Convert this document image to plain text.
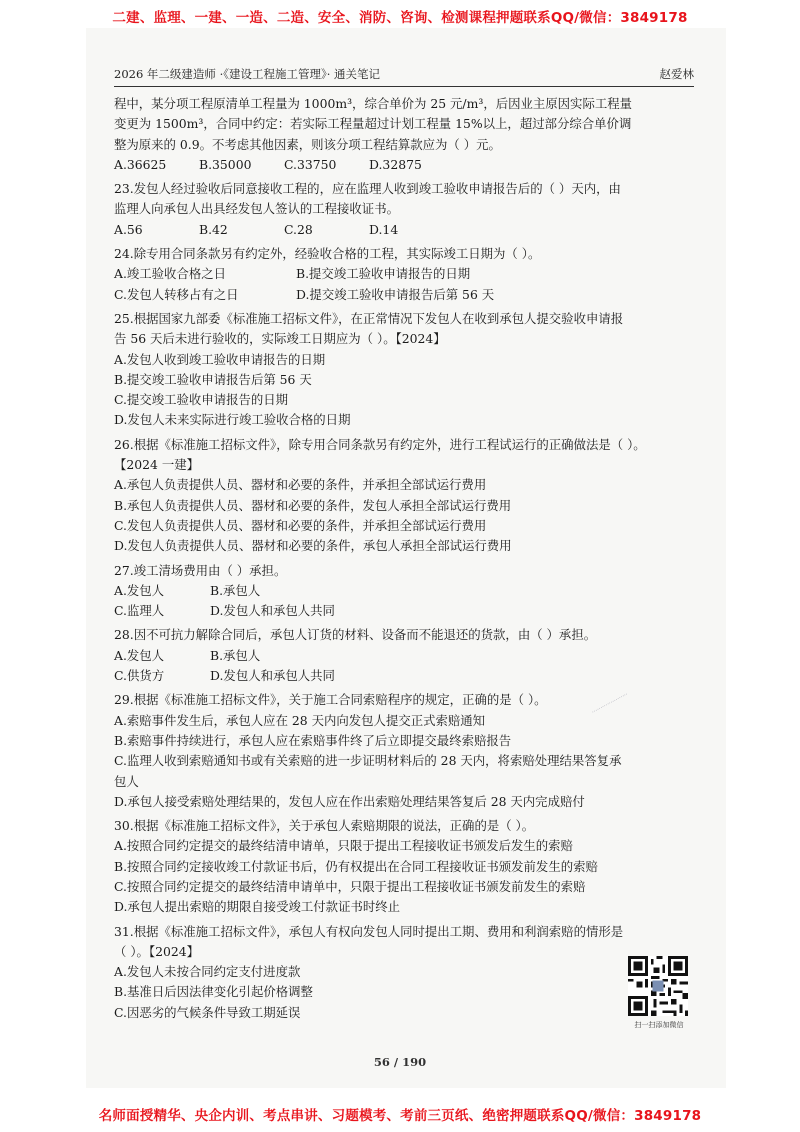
二建、监理、一建、一造、二造、安全、消防、咨询、检测课程押题联系QQ/微信：3849178
2026 年二级建造师 ·《建设工程施工管理》· 通关笔记	赵爱林

程中，某分项工程原清单工程量为 1000m³，综合单价为 25 元/m³，后因业主原因实际工程量

变更为 1500m³，合同中约定：若实际工程量超过计划工程量 15%以上，超过部分综合单价调

整为原来的 0.9。不考虑其他因素，则该分项工程结算款应为（ ）元。

A.36625	B.35000	C.33750	D.32875

23.发包人经过验收后同意接收工程的，应在监理人收到竣工验收申请报告后的（ ）天内，由

监理人向承包人出具经发包人签认的工程接收证书。

A.56	B.42	C.28	D.14

24.除专用合同条款另有约定外，经验收合格的工程，其实际竣工日期为（ ）。

A.竣工验收合格之日	B.提交竣工验收申请报告的日期

C.发包人转移占有之日	D.提交竣工验收申请报告后第 56 天

25.根据国家九部委《标准施工招标文件》，在正常情况下发包人在收到承包人提交验收申请报

告 56 天后未进行验收的，实际竣工日期应为（ ）。【2024】

A.发包人收到竣工验收申请报告的日期

B.提交竣工验收申请报告后第 56 天

C.提交竣工验收申请报告的日期

D.发包人未来实际进行竣工验收合格的日期

26.根据《标准施工招标文件》，除专用合同条款另有约定外，进行工程试运行的正确做法是（ ）。

【2024 一建】

A.承包人负责提供人员、器材和必要的条件，并承担全部试运行费用

B.承包人负责提供人员、器材和必要的条件，发包人承担全部试运行费用

C.发包人负责提供人员、器材和必要的条件，并承担全部试运行费用

D.发包人负责提供人员、器材和必要的条件，承包人承担全部试运行费用

27.竣工清场费用由（ ）承担。

A.发包人	B.承包人

C.监理人	D.发包人和承包人共同

28.因不可抗力解除合同后，承包人订货的材料、设备而不能退还的货款，由（ ）承担。

A.发包人	B.承包人

C.供货方	D.发包人和承包人共同

29.根据《标准施工招标文件》，关于施工合同索赔程序的规定，正确的是（ ）。

A.索赔事件发生后，承包人应在 28 天内向发包人提交正式索赔通知

B.索赔事件持续进行，承包人应在索赔事件终了后立即提交最终索赔报告

C.监理人收到索赔通知书或有关索赔的进一步证明材料后的 28 天内，将索赔处理结果答复承

包人

D.承包人接受索赔处理结果的，发包人应在作出索赔处理结果答复后 28 天内完成赔付

30.根据《标准施工招标文件》，关于承包人索赔期限的说法，正确的是（ ）。

A.按照合同约定提交的最终结清申请单，只限于提出工程接收证书颁发后发生的索赔

B.按照合同约定接收竣工付款证书后，仍有权提出在合同工程接收证书颁发前发生的索赔

C.按照合同约定提交的最终结清申请单中，只限于提出工程接收证书颁发前发生的索赔

D.承包人提出索赔的期限自接受竣工付款证书时终止

31.根据《标准施工招标文件》，承包人有权向发包人同时提出工期、费用和利润索赔的情形是

（ ）。【2024】

A.发包人未按合同约定支付进度款

B.基准日后因法律变化引起价格调整

C.因恶劣的气候条件导致工期延误

·····················
扫一扫添加微信
56 / 190
名师面授精华、央企内训、考点串讲、习题模考、考前三页纸、绝密押题联系QQ/微信：3849178
